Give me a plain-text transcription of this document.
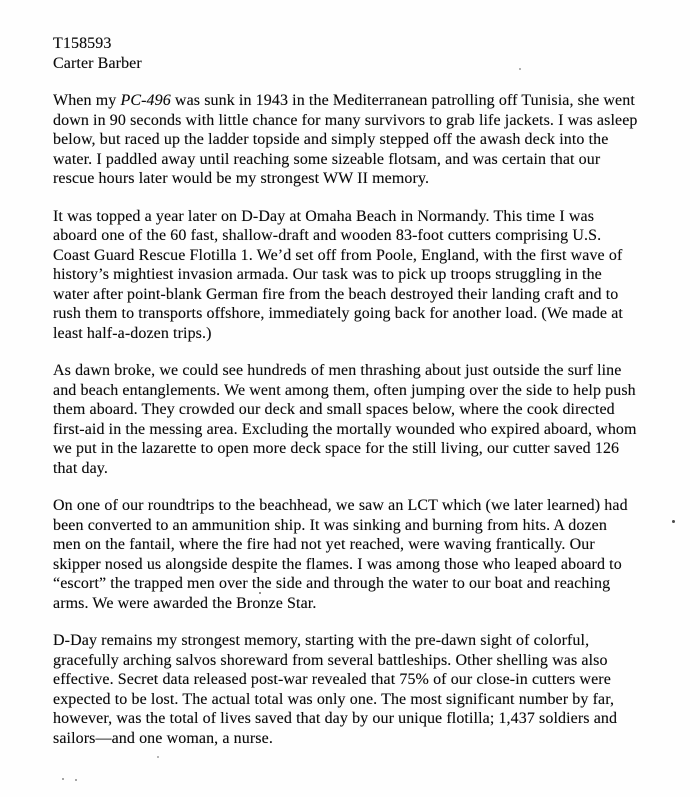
T158593
Carter Barber
When my PC-496 was sunk in 1943 in the Mediterranean patrolling off Tunisia, she went
down in 90 seconds with little chance for many survivors to grab life jackets. I was asleep
below, but raced up the ladder topside and simply stepped off the awash deck into the
water. I paddled away until reaching some sizeable flotsam, and was certain that our
rescue hours later would be my strongest WW II memory.
It was topped a year later on D-Day at Omaha Beach in Normandy. This time I was
aboard one of the 60 fast, shallow-draft and wooden 83-foot cutters comprising U.S.
Coast Guard Rescue Flotilla 1. We’d set off from Poole, England, with the first wave of
history’s mightiest invasion armada. Our task was to pick up troops struggling in the
water after point-blank German fire from the beach destroyed their landing craft and to
rush them to transports offshore, immediately going back for another load. (We made at
least half-a-dozen trips.)
As dawn broke, we could see hundreds of men thrashing about just outside the surf line
and beach entanglements. We went among them, often jumping over the side to help push
them aboard. They crowded our deck and small spaces below, where the cook directed
first-aid in the messing area. Excluding the mortally wounded who expired aboard, whom
we put in the lazarette to open more deck space for the still living, our cutter saved 126
that day.
On one of our roundtrips to the beachhead, we saw an LCT which (we later learned) had
been converted to an ammunition ship. It was sinking and burning from hits. A dozen
men on the fantail, where the fire had not yet reached, were waving frantically. Our
skipper nosed us alongside despite the flames. I was among those who leaped aboard to
“escort” the trapped men over the side and through the water to our boat and reaching
arms. We were awarded the Bronze Star.
D-Day remains my strongest memory, starting with the pre-dawn sight of colorful,
gracefully arching salvos shoreward from several battleships. Other shelling was also
effective. Secret data released post-war revealed that 75% of our close-in cutters were
expected to be lost. The actual total was only one. The most significant number by far,
however, was the total of lives saved that day by our unique flotilla; 1,437 soldiers and
sailors—and one woman, a nurse.
